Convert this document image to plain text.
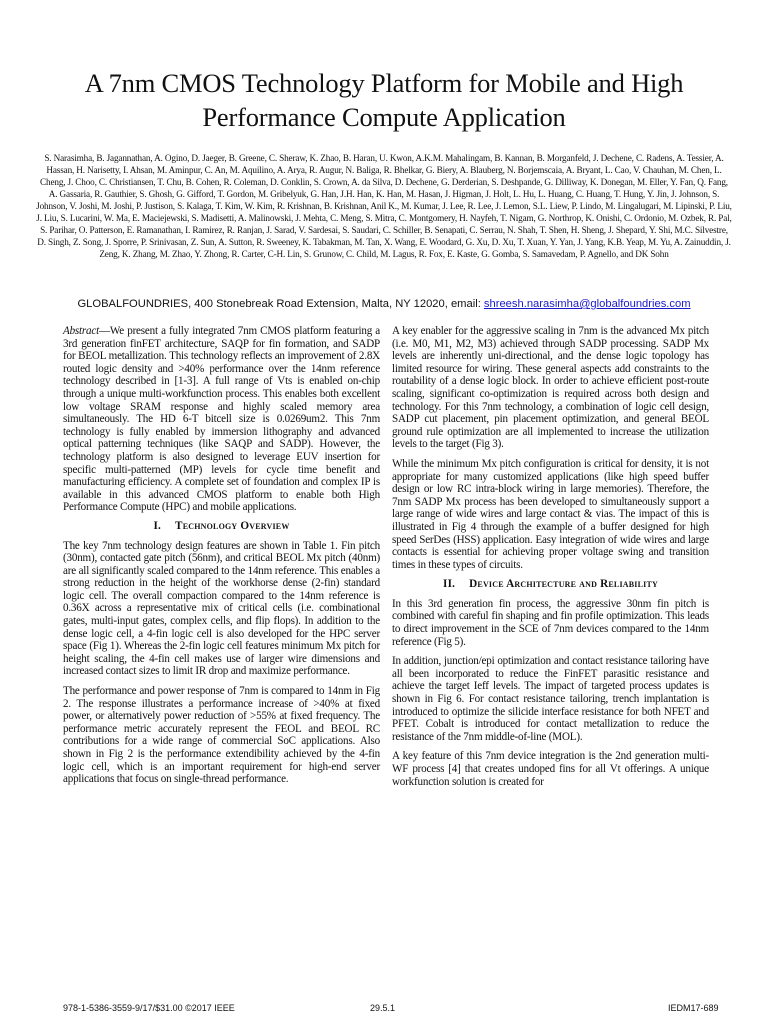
A 7nm CMOS Technology Platform for Mobile and High Performance Compute Application
S. Narasimha, B. Jagannathan, A. Ogino, D. Jaeger, B. Greene, C. Sheraw, K. Zhao, B. Haran, U. Kwon, A.K.M. Mahalingam, B. Kannan, B. Morganfeld, J. Dechene, C. Radens, A. Tessier, A. Hassan, H. Narisetty, I. Ahsan, M. Aminpur, C. An, M. Aquilino, A. Arya, R. Augur, N. Baliga, R. Bhelkar, G. Biery, A. Blauberg, N. Borjemscaia, A. Bryant, L. Cao, V. Chauhan, M. Chen, L. Cheng, J. Choo, C. Christiansen, T. Chu, B. Cohen, R. Coleman, D. Conklin, S. Crown, A. da Silva, D. Dechene, G. Derderian, S. Deshpande, G. Dilliway, K. Donegan, M. Eller, Y. Fan, Q. Fang, A. Gassaria, R. Gauthier, S. Ghosh, G. Gifford, T. Gordon, M. Gribelyuk, G. Han, J.H. Han, K. Han, M. Hasan, J. Higman, J. Holt, L. Hu, L. Huang, C. Huang, T. Hung, Y. Jin, J. Johnson, S. Johnson, V. Joshi, M. Joshi, P. Justison, S. Kalaga, T. Kim, W. Kim, R. Krishnan, B. Krishnan, Anil K., M. Kumar, J. Lee, R. Lee, J. Lemon, S.L. Liew, P. Lindo, M. Lingalugari, M. Lipinski, P. Liu, J. Liu, S. Lucarini, W. Ma, E. Maciejewski, S. Madisetti, A. Malinowski, J. Mehta, C. Meng, S. Mitra, C. Montgomery, H. Nayfeh, T. Nigam, G. Northrop, K. Onishi, C. Ordonio, M. Ozbek, R. Pal, S. Parihar, O. Patterson, E. Ramanathan, I. Ramirez, R. Ranjan, J. Sarad, V. Sardesai, S. Saudari, C. Schiller, B. Senapati, C. Serrau, N. Shah, T. Shen, H. Sheng, J. Shepard, Y. Shi, M.C. Silvestre, D. Singh, Z. Song, J. Sporre, P. Srinivasan, Z. Sun, A. Sutton, R. Sweeney, K. Tabakman, M. Tan, X. Wang, E. Woodard, G. Xu, D. Xu, T. Xuan, Y. Yan, J. Yang, K.B. Yeap, M. Yu, A. Zainuddin, J. Zeng, K. Zhang, M. Zhao, Y. Zhong, R. Carter, C-H. Lin, S. Grunow, C. Child, M. Lagus, R. Fox, E. Kaste, G. Gomba, S. Samavedam, P. Agnello, and DK Sohn
GLOBALFOUNDRIES, 400 Stonebreak Road Extension, Malta, NY 12020, email: shreesh.narasimha@globalfoundries.com

Abstract—We present a fully integrated 7nm CMOS platform featuring a 3rd generation finFET architecture, SAQP for fin formation, and SADP for BEOL metallization. This technology reflects an improvement of 2.8X routed logic density and >40% performance over the 14nm reference technology described in [1-3]. A full range of Vts is enabled on-chip through a unique multi-workfunction process. This enables both excellent low voltage SRAM response and highly scaled memory area simultaneously. The HD 6-T bitcell size is 0.0269um2. This 7nm technology is fully enabled by immersion lithography and advanced optical patterning techniques (like SAQP and SADP). However, the technology platform is also designed to leverage EUV insertion for specific multi-patterned (MP) levels for cycle time benefit and manufacturing efficiency. A complete set of foundation and complex IP is available in this advanced CMOS platform to enable both High Performance Compute (HPC) and mobile applications.

I. Technology Overview

The key 7nm technology design features are shown in Table 1. Fin pitch (30nm), contacted gate pitch (56nm), and critical BEOL Mx pitch (40nm) are all significantly scaled compared to the 14nm reference. This enables a strong reduction in the height of the workhorse dense (2-fin) standard logic cell. The overall compaction compared to the 14nm reference is 0.36X across a representative mix of critical cells (i.e. combinational gates, multi-input gates, complex cells, and flip flops). In addition to the dense logic cell, a 4-fin logic cell is also developed for the HPC server space (Fig 1). Whereas the 2-fin logic cell features minimum Mx pitch for height scaling, the 4-fin cell makes use of larger wire dimensions and increased contact sizes to limit IR drop and maximize performance.

The performance and power response of 7nm is compared to 14nm in Fig 2. The response illustrates a performance increase of >40% at fixed power, or alternatively power reduction of >55% at fixed frequency. The performance metric accurately represent the FEOL and BEOL RC contributions for a wide range of commercial SoC applications. Also shown in Fig 2 is the performance extendibility achieved by the 4-fin logic cell, which is an important requirement for high-end server applications that focus on single-thread performance.

A key enabler for the aggressive scaling in 7nm is the advanced Mx pitch (i.e. M0, M1, M2, M3) achieved through SADP processing. SADP Mx levels are inherently uni-directional, and the dense logic topology has limited resource for wiring. These general aspects add constraints to the routability of a dense logic block. In order to achieve efficient post-route scaling, significant co-optimization is required across both design and technology. For this 7nm technology, a combination of logic cell design, SADP cut placement, pin placement optimization, and general BEOL ground rule optimization are all implemented to increase the utilization levels to the target (Fig 3).

While the minimum Mx pitch configuration is critical for density, it is not appropriate for many customized applications (like high speed buffer design or low RC intra-block wiring in large memories). Therefore, the 7nm SADP Mx process has been developed to simultaneously support a large range of wide wires and large contact & vias. The impact of this is illustrated in Fig 4 through the example of a buffer designed for high speed SerDes (HSS) application. Easy integration of wide wires and large contacts is essential for achieving proper voltage swing and transition times in these types of circuits.

II. Device Architecture and Reliability

In this 3rd generation fin process, the aggressive 30nm fin pitch is combined with careful fin shaping and fin profile optimization. This leads to direct improvement in the SCE of 7nm devices compared to the 14nm reference (Fig 5).

In addition, junction/epi optimization and contact resistance tailoring have all been incorporated to reduce the FinFET parasitic resistance and achieve the target Ieff levels. The impact of targeted process updates is shown in Fig 6. For contact resistance tailoring, trench implantation is introduced to optimize the silicide interface resistance for both NFET and PFET. Cobalt is introduced for contact metallization to reduce the resistance of the 7nm middle-of-line (MOL).

A key feature of this 7nm device integration is the 2nd generation multi-WF process [4] that creates undoped fins for all Vt offerings. A unique workfunction solution is created for

978-1-5386-3559-9/17/$31.00 ©2017 IEEE	29.5.1	IEDM17-689
